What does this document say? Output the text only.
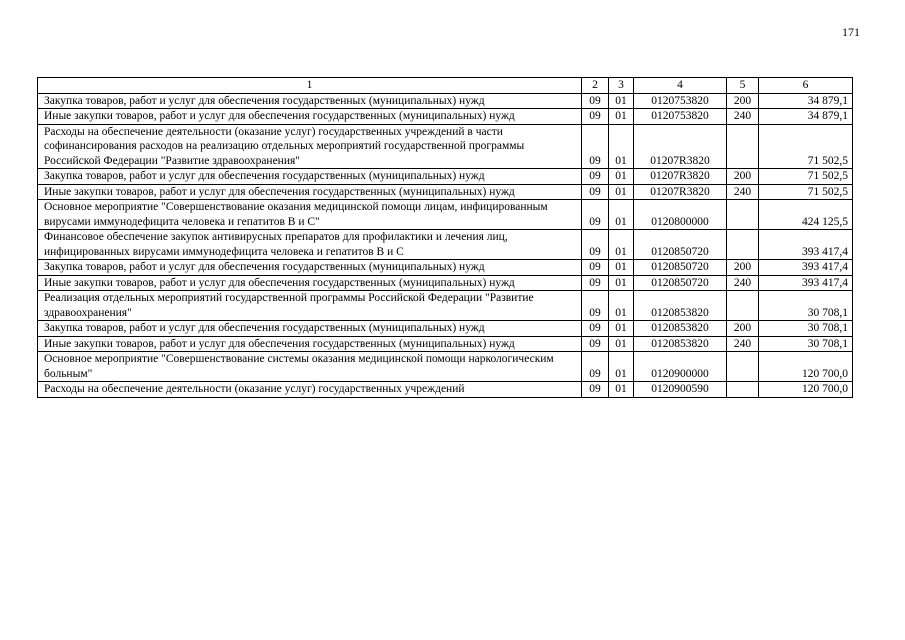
171
1	2	3	4	5	6
Закупка товаров, работ и услуг для обеспечения государственных (муниципальных) нужд	09	01	0120753820	200	34 879,1
Иные закупки товаров, работ и услуг для обеспечения государственных (муниципальных) нужд	09	01	0120753820	240	34 879,1
Расходы на обеспечение деятельности (оказание услуг) государственных учреждений в части софинансирования расходов на реализацию отдельных мероприятий государственной программы Российской Федерации "Развитие здравоохранения"	09	01	01207R3820		71 502,5
Закупка товаров, работ и услуг для обеспечения государственных (муниципальных) нужд	09	01	01207R3820	200	71 502,5
Иные закупки товаров, работ и услуг для обеспечения государственных (муниципальных) нужд	09	01	01207R3820	240	71 502,5
Основное мероприятие "Совершенствование оказания медицинской помощи лицам, инфицированным вирусами иммунодефицита человека и гепатитов В и С"	09	01	0120800000		424 125,5
Финансовое обеспечение закупок антивирусных препаратов для профилактики и лечения лиц, инфицированных вирусами иммунодефицита человека и гепатитов В и С	09	01	0120850720		393 417,4
Закупка товаров, работ и услуг для обеспечения государственных (муниципальных) нужд	09	01	0120850720	200	393 417,4
Иные закупки товаров, работ и услуг для обеспечения государственных (муниципальных) нужд	09	01	0120850720	240	393 417,4
Реализация отдельных мероприятий государственной программы Российской Федерации "Развитие здравоохранения"	09	01	0120853820		30 708,1
Закупка товаров, работ и услуг для обеспечения государственных (муниципальных) нужд	09	01	0120853820	200	30 708,1
Иные закупки товаров, работ и услуг для обеспечения государственных (муниципальных) нужд	09	01	0120853820	240	30 708,1
Основное мероприятие "Совершенствование системы оказания медицинской помощи наркологическим больным"	09	01	0120900000		120 700,0
Расходы на обеспечение деятельности (оказание услуг) государственных учреждений	09	01	0120900590		120 700,0
